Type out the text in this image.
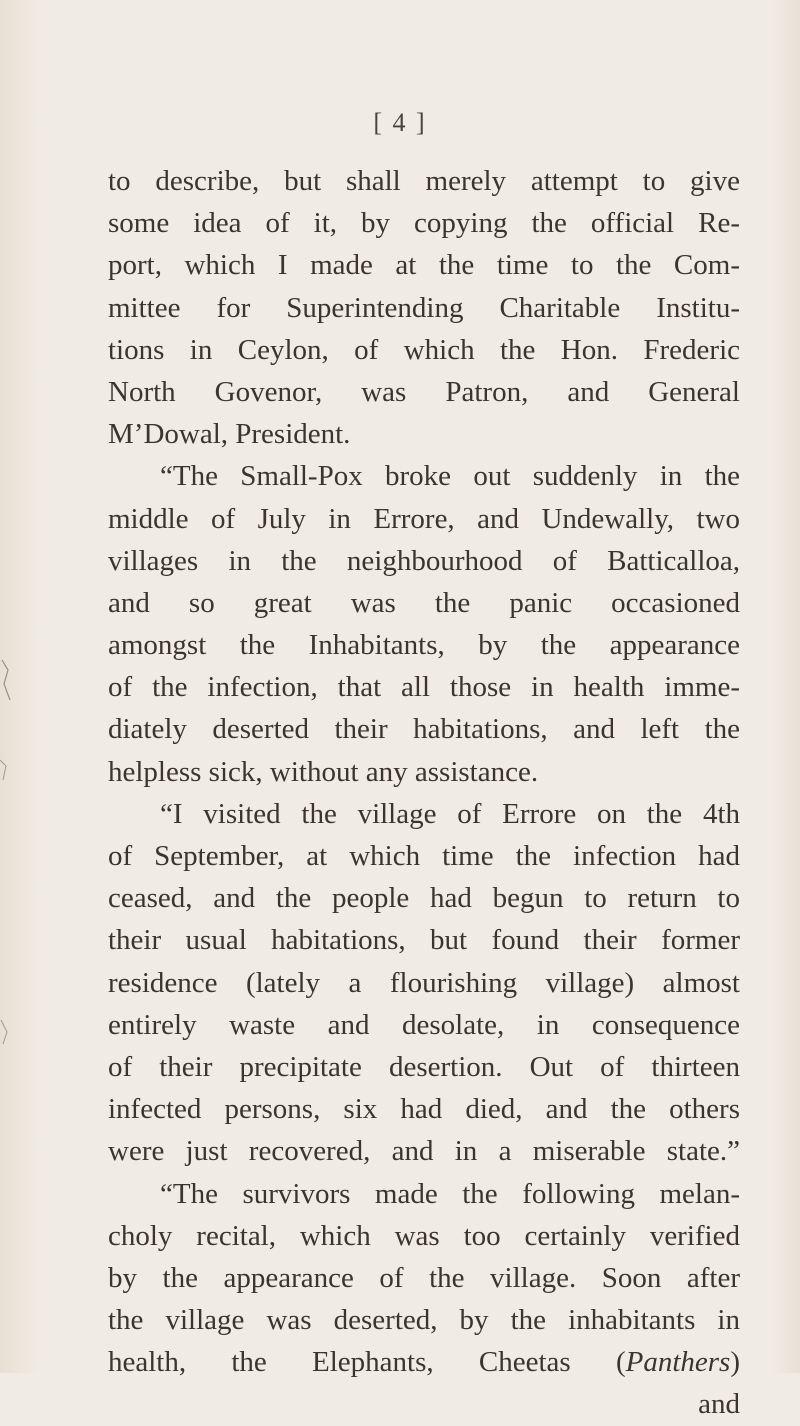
[ 4 ]
to describe, but shall merely attempt to give
some idea of it, by copying the official Re-
port, which I made at the time to the Com-
mittee for Superintending Charitable Institu-
tions in Ceylon, of which the Hon. Frederic
North Govenor, was Patron, and General
M’Dowal, President.
“The Small-Pox broke out suddenly in the
middle of July in Errore, and Undewally, two
villages in the neighbourhood of Batticalloa,
and so great was the panic occasioned
amongst the Inhabitants, by the appearance
of the infection, that all those in health imme-
diately deserted their habitations, and left the
helpless sick, without any assistance.
“I visited the village of Errore on the 4th
of September, at which time the infection had
ceased, and the people had begun to return to
their usual habitations, but found their former
residence (lately a flourishing village) almost
entirely waste and desolate, in consequence
of their precipitate desertion. Out of thirteen
infected persons, six had died, and the others
were just recovered, and in a miserable state.”
“The survivors made the following melan-
choly recital, which was too certainly verified
by the appearance of the village. Soon after
the village was deserted, by the inhabitants in
health, the Elephants, Cheetas (Panthers)
and
